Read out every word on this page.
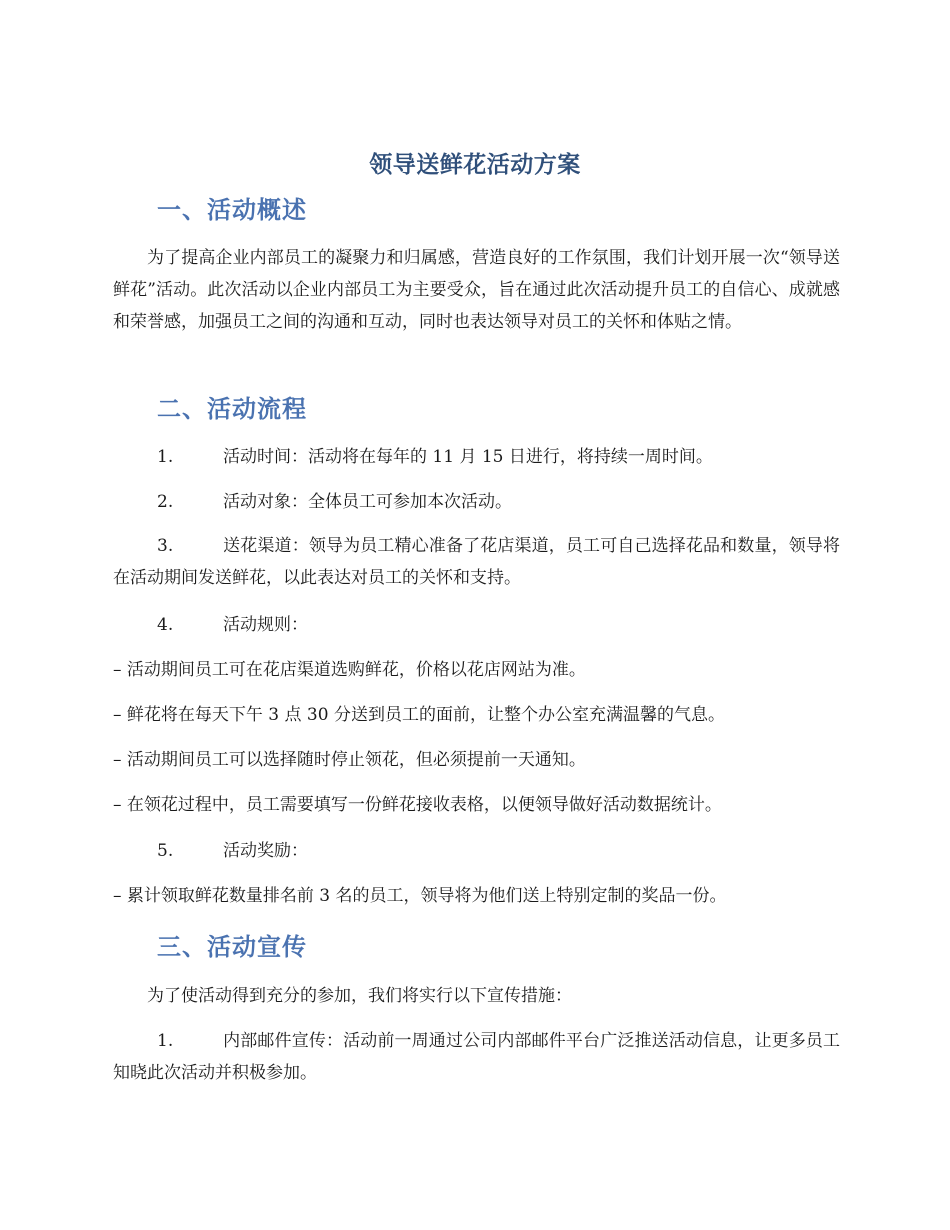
领导送鲜花活动方案
一、活动概述
为了提高企业内部员工的凝聚力和归属感，营造良好的工作氛围，我们计划开展一次“领导送鲜花”活动。此次活动以企业内部员工为主要受众，旨在通过此次活动提升员工的自信心、成就感和荣誉感，加强员工之间的沟通和互动，同时也表达领导对员工的关怀和体贴之情。
二、活动流程
1.	活动时间：活动将在每年的 11 月 15 日进行，将持续一周时间。
2.	活动对象：全体员工可参加本次活动。
3.	送花渠道：领导为员工精心准备了花店渠道，员工可自己选择花品和数量，领导将在活动期间发送鲜花，以此表达对员工的关怀和支持。
4.	活动规则：
– 活动期间员工可在花店渠道选购鲜花，价格以花店网站为准。
– 鲜花将在每天下午 3 点 30 分送到员工的面前，让整个办公室充满温馨的气息。
– 活动期间员工可以选择随时停止领花，但必须提前一天通知。
– 在领花过程中，员工需要填写一份鲜花接收表格，以便领导做好活动数据统计。
5.	活动奖励：
– 累计领取鲜花数量排名前 3 名的员工，领导将为他们送上特别定制的奖品一份。
三、活动宣传
为了使活动得到充分的参加，我们将实行以下宣传措施：
1.	内部邮件宣传：活动前一周通过公司内部邮件平台广泛推送活动信息，让更多员工知晓此次活动并积极参加。
